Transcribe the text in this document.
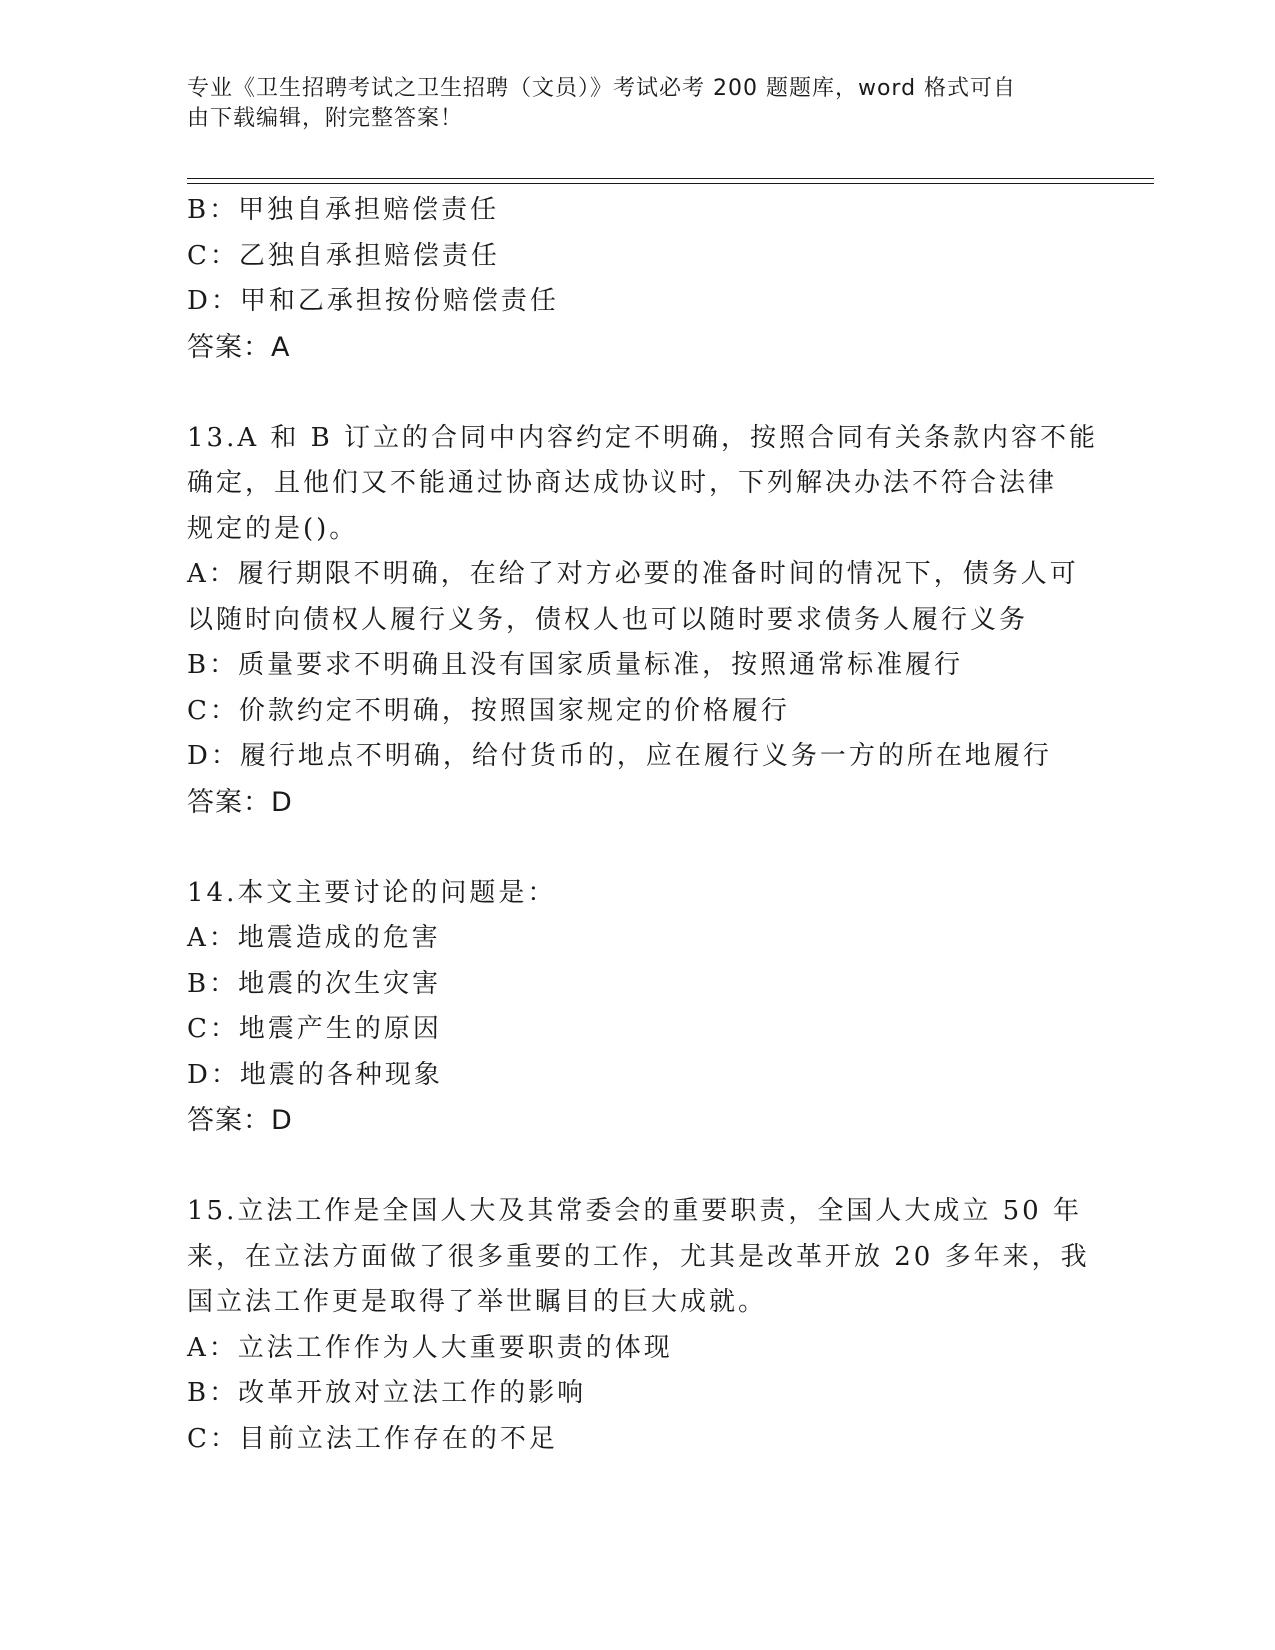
专业《卫生招聘考试之卫生招聘（文员）》考试必考 200 题题库，word 格式可自
由下载编辑，附完整答案！
B：甲独自承担赔偿责任
C：乙独自承担赔偿责任
D：甲和乙承担按份赔偿责任
答案：A
13.A 和 B 订立的合同中内容约定不明确，按照合同有关条款内容不能
确定，且他们又不能通过协商达成协议时，下列解决办法不符合法律
规定的是()。
A：履行期限不明确，在给了对方必要的准备时间的情况下，债务人可
以随时向债权人履行义务，债权人也可以随时要求债务人履行义务
B：质量要求不明确且没有国家质量标准，按照通常标准履行
C：价款约定不明确，按照国家规定的价格履行
D：履行地点不明确，给付货币的，应在履行义务一方的所在地履行
答案：D
14.本文主要讨论的问题是：
A：地震造成的危害
B：地震的次生灾害
C：地震产生的原因
D：地震的各种现象
答案：D
15.立法工作是全国人大及其常委会的重要职责，全国人大成立 50 年
来，在立法方面做了很多重要的工作，尤其是改革开放 20 多年来，我
国立法工作更是取得了举世瞩目的巨大成就。
A：立法工作作为人大重要职责的体现
B：改革开放对立法工作的影响
C：目前立法工作存在的不足
